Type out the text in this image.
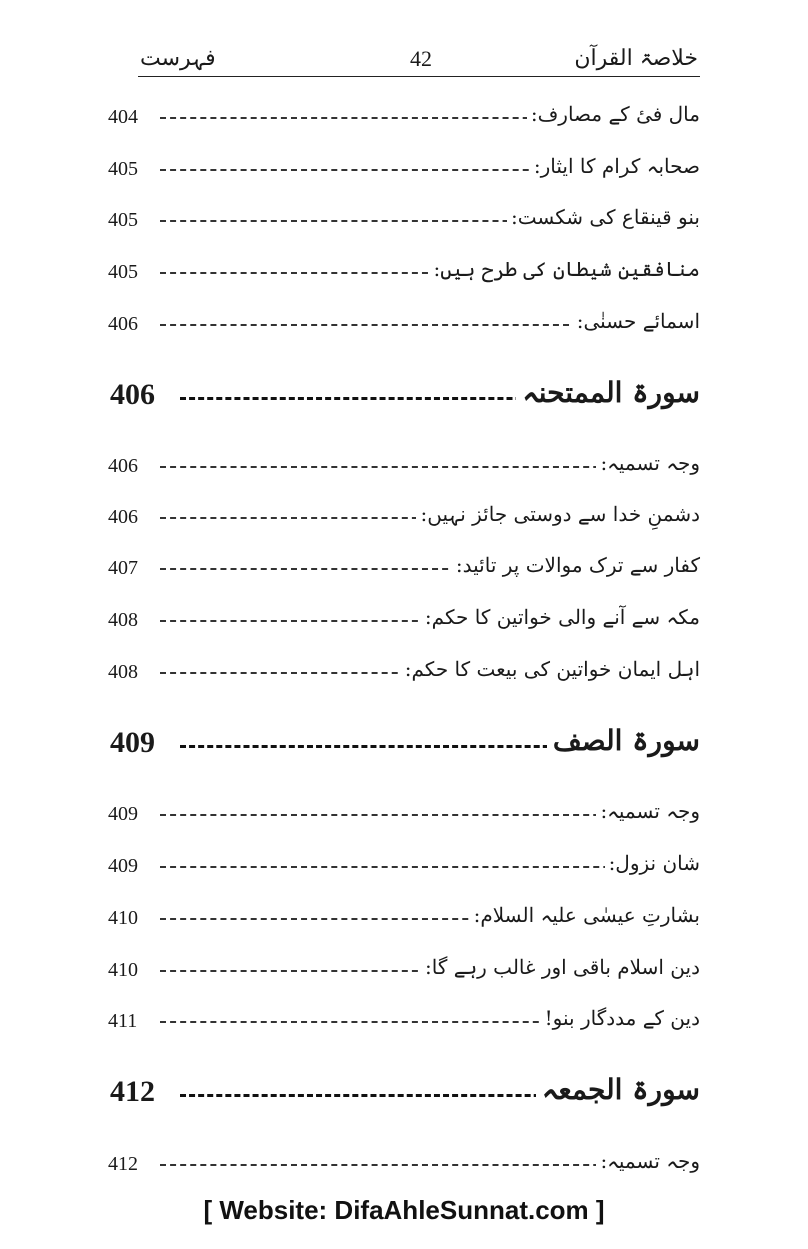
فہرست	42	خلاصۃ القرآن
404	مال فیٔ کے مصارف:
405	صحابہ کرام کا ایثار:
405	بنو قینقاع کی شکست:
405	منافقین شیطان کی طرح ہیں:
406	اسمائے حسنٰی:
406	سورۃ الممتحنہ
406	وجہ تسمیہ:
406	دشمنِ خدا سے دوستی جائز نہیں:
407	کفار سے ترک موالات پر تائید:
408	مکہ سے آنے والی خواتین کا حکم:
408	اہل ایمان خواتین کی بیعت کا حکم:
409	سورۃ الصف
409	وجہ تسمیہ:
409	شان نزول:
410	بشارتِ عیسٰی علیہ السلام:
410	دین اسلام باقی اور غالب رہے گا:
411	دین کے مددگار بنو!
412	سورۃ الجمعہ
412	وجہ تسمیہ:
[ Website: DifaAhleSunnat.com ]
